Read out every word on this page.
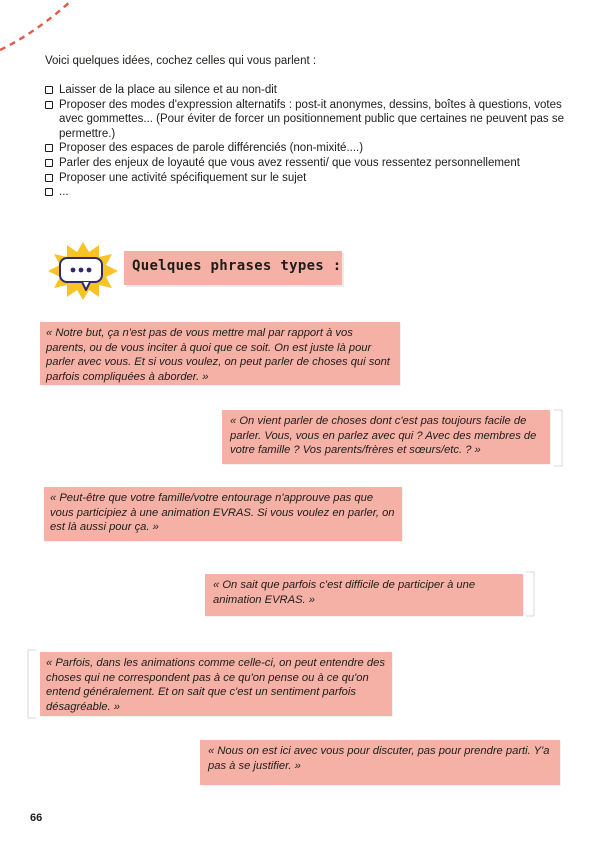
Voici quelques idées, cochez celles qui vous parlent :

Laisser de la place au silence et au non-dit
Proposer des modes d'expression alternatifs : post-it anonymes, dessins, boîtes à questions, votes avec gommettes... (Pour éviter de forcer un positionnement public que certaines ne peuvent pas se permettre.)
Proposer des espaces de parole différenciés (non-mixité....)
Parler des enjeux de loyauté que vous avez ressenti/ que vous ressentez personnellement
Proposer une activité spécifiquement sur le sujet
...

Quelques phrases types :

« Notre but, ça n'est pas de vous mettre mal par rapport à vos parents, ou de vous inciter à quoi que ce soit. On est juste là pour parler avec vous. Et si vous voulez, on peut parler de choses qui sont parfois compliquées à aborder. »
« On vient parler de choses dont c'est pas toujours facile de parler. Vous, vous en parlez avec qui ? Avec des membres de votre famille ? Vos parents/frères et sœurs/etc. ? »
« Peut-être que votre famille/votre entourage n'approuve pas que vous participiez à une animation EVRAS. Si vous voulez en parler, on est là aussi pour ça. »
« On sait que parfois c'est difficile de participer à une animation EVRAS. »
« Parfois, dans les animations comme celle-ci, on peut entendre des choses qui ne correspondent pas à ce qu'on pense ou à ce qu'on entend généralement. Et on sait que c'est un sentiment parfois désagréable. »
« Nous on est ici avec vous pour discuter, pas pour prendre parti. Y'a pas à se justifier. »

66
